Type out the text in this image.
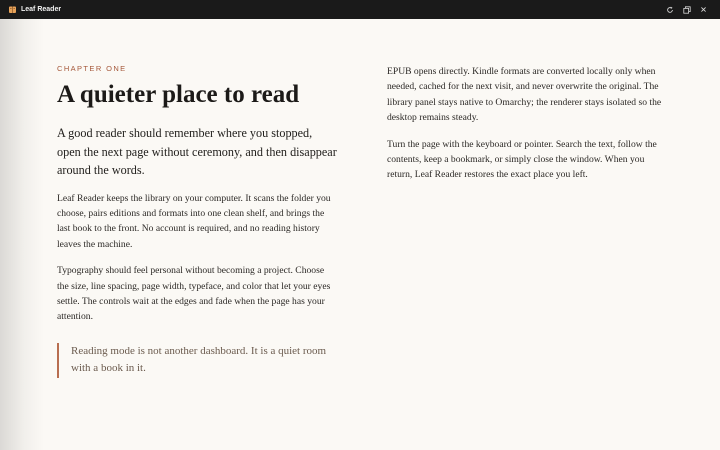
Leaf Reader

CHAPTER ONE

A quieter place to read

A good reader should remember where you stopped, open the next page without ceremony, and then disappear around the words.

Leaf Reader keeps the library on your computer. It scans the folder you choose, pairs editions and formats into one clean shelf, and brings the last book to the front. No account is required, and no reading history leaves the machine.

Typography should feel personal without becoming a project. Choose the size, line spacing, page width, typeface, and color that let your eyes settle. The controls wait at the edges and fade when the page has your attention.

Reading mode is not another dashboard. It is a quiet room with a book in it.

EPUB opens directly. Kindle formats are converted locally only when needed, cached for the next visit, and never overwrite the original. The library panel stays native to Omarchy; the renderer stays isolated so the desktop remains steady.

Turn the page with the keyboard or pointer. Search the text, follow the contents, keep a bookmark, or simply close the window. When you return, Leaf Reader restores the exact place you left.
